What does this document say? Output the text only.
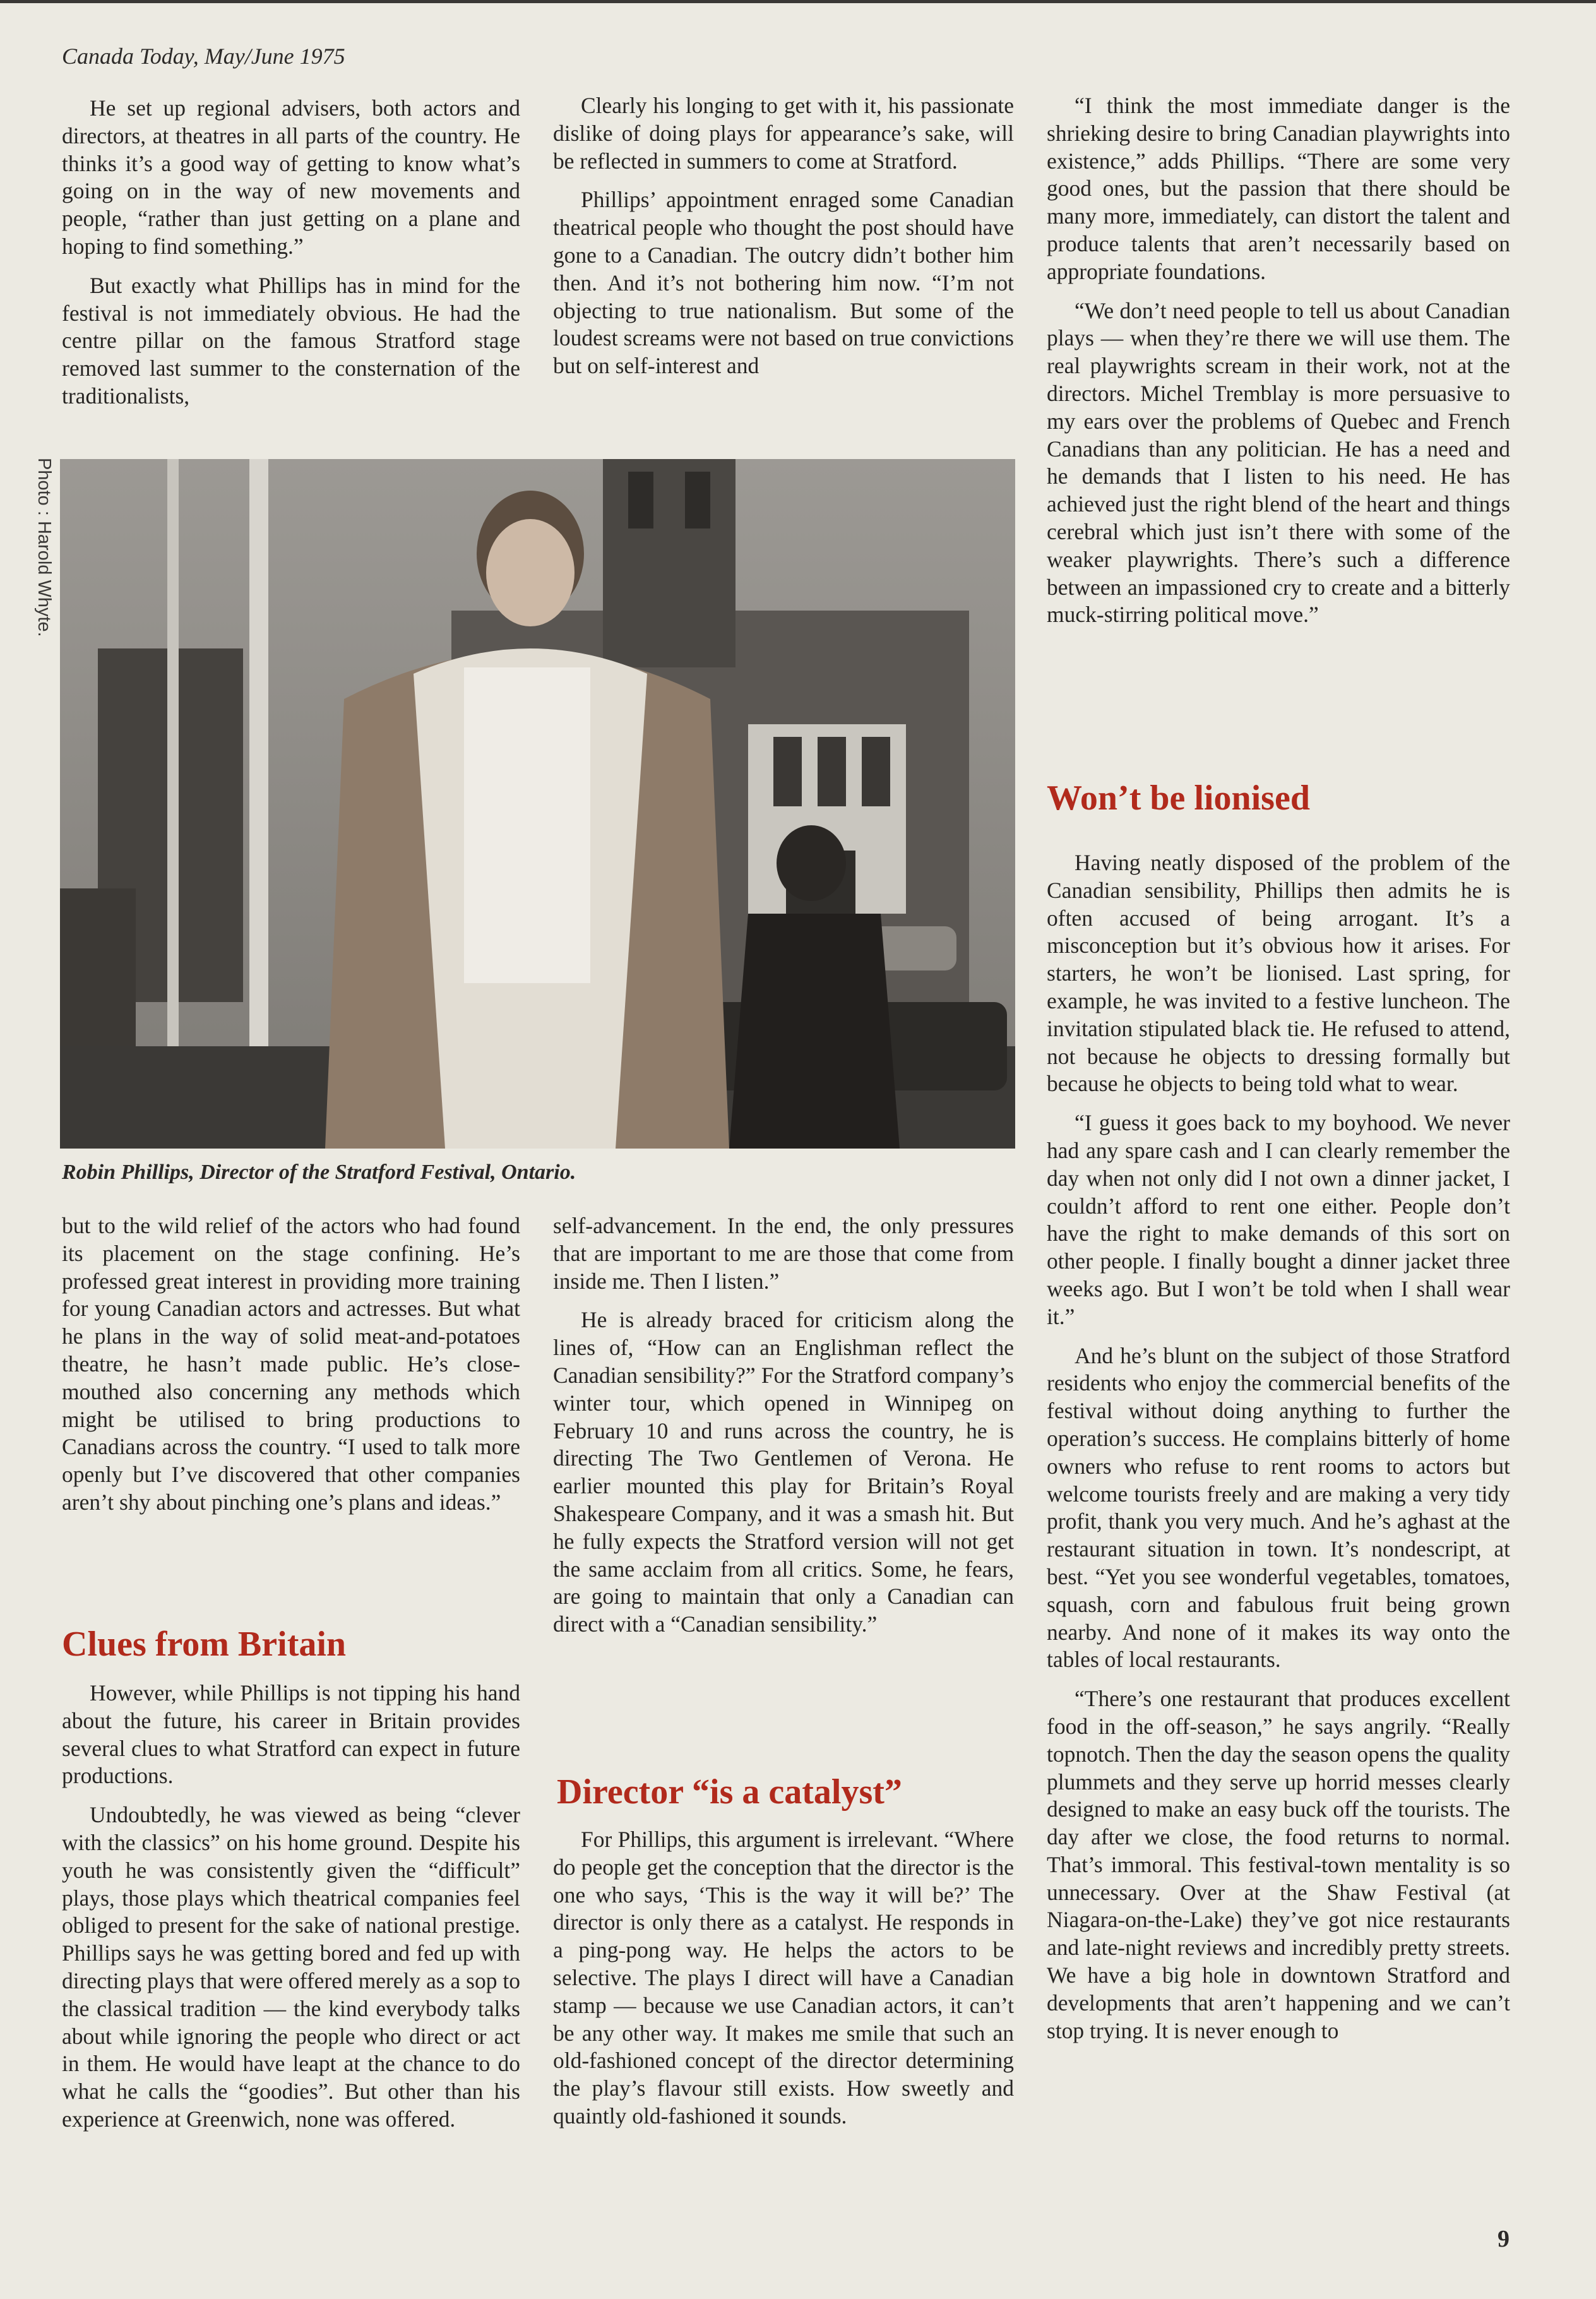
Canada Today, May/June 1975
Photo : Harold Whyte.

He set up regional advisers, both actors and directors, at theatres in all parts of the country. He thinks it’s a good way of getting to know what’s going on in the way of new movements and people, “rather than just getting on a plane and hoping to find something.”

But exactly what Phillips has in mind for the festival is not immediately obvious. He had the centre pillar on the famous Stratford stage removed last summer to the consternation of the traditionalists,

Clearly his longing to get with it, his passionate dislike of doing plays for appearance’s sake, will be reflected in summers to come at Stratford.

Phillips’ appointment enraged some Canadian theatrical people who thought the post should have gone to a Canadian. The outcry didn’t bother him then. And it’s not bothering him now. “I’m not objecting to true nationalism. But some of the loudest screams were not based on true convictions but on self-interest and

“I think the most immediate danger is the shrieking desire to bring Canadian playwrights into existence,” adds Phillips. “There are some very good ones, but the passion that there should be many more, immediately, can distort the talent and produce talents that aren’t necessarily based on appropriate foundations.

“We don’t need people to tell us about Canadian plays — when they’re there we will use them. The real playwrights scream in their work, not at the directors. Michel Tremblay is more persuasive to my ears over the problems of Quebec and French Canadians than any politician. He has a need and he demands that I listen to his need. He has achieved just the right blend of the heart and things cerebral which just isn’t there with some of the weaker playwrights. There’s such a difference between an impassioned cry to create and a bitterly muck-stirring political move.”

Robin Phillips, Director of the Stratford Festival, Ontario.

but to the wild relief of the actors who had found its placement on the stage confining. He’s professed great interest in providing more training for young Canadian actors and actresses. But what he plans in the way of solid meat-and-potatoes theatre, he hasn’t made public. He’s close-mouthed also concerning any methods which might be utilised to bring productions to Canadians across the country. “I used to talk more openly but I’ve discovered that other companies aren’t shy about pinching one’s plans and ideas.”

Clues from Britain

However, while Phillips is not tipping his hand about the future, his career in Britain provides several clues to what Stratford can expect in future productions.

Undoubtedly, he was viewed as being “clever with the classics” on his home ground. Despite his youth he was consistently given the “difficult” plays, those plays which theatrical companies feel obliged to present for the sake of national prestige. Phillips says he was getting bored and fed up with directing plays that were offered merely as a sop to the classical tradition — the kind everybody talks about while ignoring the people who direct or act in them. He would have leapt at the chance to do what he calls the “goodies”. But other than his experience at Greenwich, none was offered.

self-advancement. In the end, the only pressures that are important to me are those that come from inside me. Then I listen.”

He is already braced for criticism along the lines of, “How can an Englishman reflect the Canadian sensibility?” For the Stratford company’s winter tour, which opened in Winnipeg on February 10 and runs across the country, he is directing The Two Gentlemen of Verona. He earlier mounted this play for Britain’s Royal Shakespeare Company, and it was a smash hit. But he fully expects the Stratford version will not get the same acclaim from all critics. Some, he fears, are going to maintain that only a Canadian can direct with a “Canadian sensibility.”

Director “is a catalyst”

For Phillips, this argument is irrelevant. “Where do people get the conception that the director is the one who says, ‘This is the way it will be?’ The director is only there as a catalyst. He responds in a ping-pong way. He helps the actors to be selective. The plays I direct will have a Canadian stamp — because we use Canadian actors, it can’t be any other way. It makes me smile that such an old-fashioned concept of the director determining the play’s flavour still exists. How sweetly and quaintly old-fashioned it sounds.

Won’t be lionised

Having neatly disposed of the problem of the Canadian sensibility, Phillips then admits he is often accused of being arrogant. It’s a misconception but it’s obvious how it arises. For starters, he won’t be lionised. Last spring, for example, he was invited to a festive luncheon. The invitation stipulated black tie. He refused to attend, not because he objects to dressing formally but because he objects to being told what to wear.

“I guess it goes back to my boyhood. We never had any spare cash and I can clearly remember the day when not only did I not own a dinner jacket, I couldn’t afford to rent one either. People don’t have the right to make demands of this sort on other people. I finally bought a dinner jacket three weeks ago. But I won’t be told when I shall wear it.”

And he’s blunt on the subject of those Stratford residents who enjoy the commercial benefits of the festival without doing anything to further the operation’s success. He complains bitterly of home owners who refuse to rent rooms to actors but welcome tourists freely and are making a very tidy profit, thank you very much. And he’s aghast at the restaurant situation in town. It’s nondescript, at best. “Yet you see wonderful vegetables, tomatoes, squash, corn and fabulous fruit being grown nearby. And none of it makes its way onto the tables of local restaurants.

“There’s one restaurant that produces excellent food in the off-season,” he says angrily. “Really topnotch. Then the day the season opens the quality plummets and they serve up horrid messes clearly designed to make an easy buck off the tourists. The day after we close, the food returns to normal. That’s immoral. This festival-town mentality is so unnecessary. Over at the Shaw Festival (at Niagara-on-the-Lake) they’ve got nice restaurants and late-night reviews and incredibly pretty streets. We have a big hole in downtown Stratford and developments that aren’t happening and we can’t stop trying. It is never enough to

9
